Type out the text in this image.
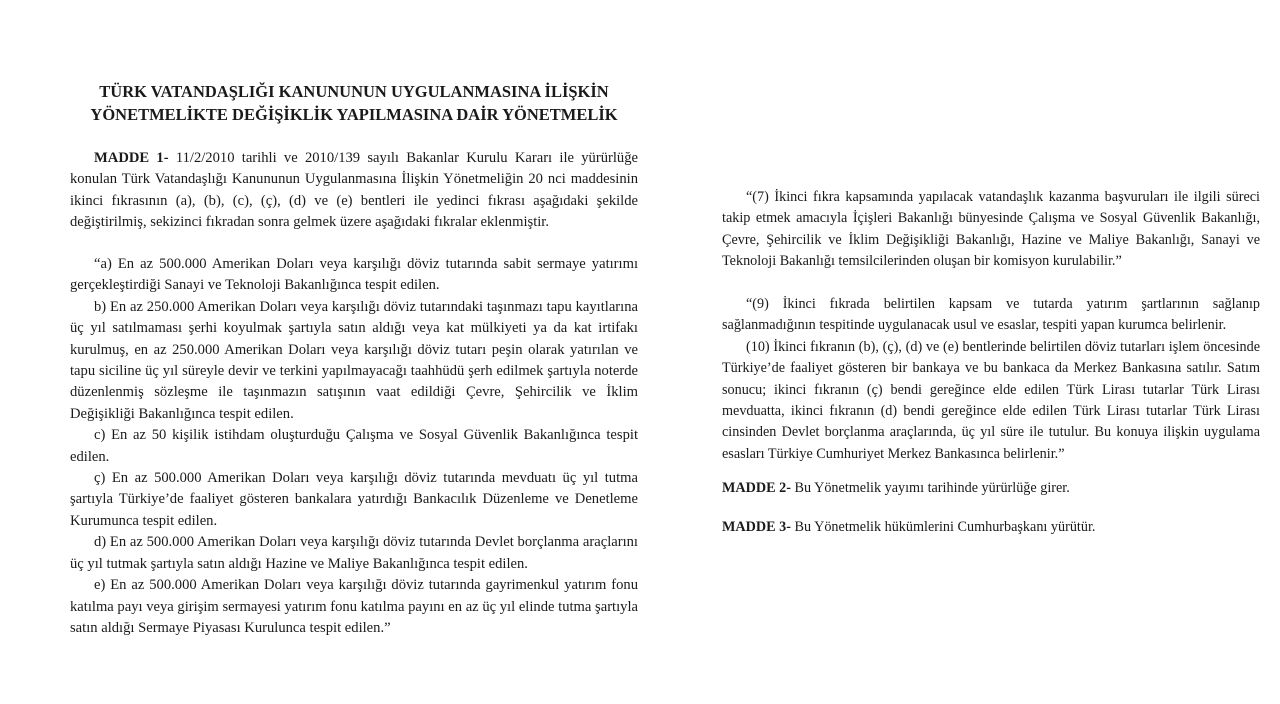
TÜRK VATANDAŞLIĞI KANUNUNUN UYGULANMASINA İLİŞKİN
YÖNETMELİKTE DEĞİŞİKLİK YAPILMASINA DAİR YÖNETMELİK

MADDE 1- 11/2/2010 tarihli ve 2010/139 sayılı Bakanlar Kurulu Kararı ile yürürlüğe konulan Türk Vatandaşlığı Kanununun Uygulanmasına İlişkin Yönetmeliğin 20 nci maddesinin ikinci fıkrasının (a), (b), (c), (ç), (d) ve (e) bentleri ile yedinci fıkrası aşağıdaki şekilde değiştirilmiş, sekizinci fıkradan sonra gelmek üzere aşağıdaki fıkralar eklenmiştir.

“a) En az 500.000 Amerikan Doları veya karşılığı döviz tutarında sabit sermaye yatırımı gerçekleştirdiği Sanayi ve Teknoloji Bakanlığınca tespit edilen.

b) En az 250.000 Amerikan Doları veya karşılığı döviz tutarındaki taşınmazı tapu kayıtlarına üç yıl satılmaması şerhi koyulmak şartıyla satın aldığı veya kat mülkiyeti ya da kat irtifakı kurulmuş, en az 250.000 Amerikan Doları veya karşılığı döviz tutarı peşin olarak yatırılan ve tapu siciline üç yıl süreyle devir ve terkini yapılmayacağı taahhüdü şerh edilmek şartıyla noterde düzenlenmiş sözleşme ile taşınmazın satışının vaat edildiği Çevre, Şehircilik ve İklim Değişikliği Bakanlığınca tespit edilen.

c) En az 50 kişilik istihdam oluşturduğu Çalışma ve Sosyal Güvenlik Bakanlığınca tespit edilen.

ç) En az 500.000 Amerikan Doları veya karşılığı döviz tutarında mevduatı üç yıl tutma şartıyla Türkiye’de faaliyet gösteren bankalara yatırdığı Bankacılık Düzenleme ve Denetleme Kurumunca tespit edilen.

d) En az 500.000 Amerikan Doları veya karşılığı döviz tutarında Devlet borçlanma araçlarını üç yıl tutmak şartıyla satın aldığı Hazine ve Maliye Bakanlığınca tespit edilen.

e) En az 500.000 Amerikan Doları veya karşılığı döviz tutarında gayrimenkul yatırım fonu katılma payı veya girişim sermayesi yatırım fonu katılma payını en az üç yıl elinde tutma şartıyla satın aldığı Sermaye Piyasası Kurulunca tespit edilen.”

“(7) İkinci fıkra kapsamında yapılacak vatandaşlık kazanma başvuruları ile ilgili süreci takip etmek amacıyla İçişleri Bakanlığı bünyesinde Çalışma ve Sosyal Güvenlik Bakanlığı, Çevre, Şehircilik ve İklim Değişikliği Bakanlığı, Hazine ve Maliye Bakanlığı, Sanayi ve Teknoloji Bakanlığı temsilcilerinden oluşan bir komisyon kurulabilir.”

“(9) İkinci fıkrada belirtilen kapsam ve tutarda yatırım şartlarının sağlanıp sağlanmadığının tespitinde uygulanacak usul ve esaslar, tespiti yapan kurumca belirlenir.

(10) İkinci fıkranın (b), (ç), (d) ve (e) bentlerinde belirtilen döviz tutarları işlem öncesinde Türkiye’de faaliyet gösteren bir bankaya ve bu bankaca da Merkez Bankasına satılır. Satım sonucu; ikinci fıkranın (ç) bendi gereğince elde edilen Türk Lirası tutarlar Türk Lirası mevduatta, ikinci fıkranın (d) bendi gereğince elde edilen Türk Lirası tutarlar Türk Lirası cinsinden Devlet borçlanma araçlarında, üç yıl süre ile tutulur. Bu konuya ilişkin uygulama esasları Türkiye Cumhuriyet Merkez Bankasınca belirlenir.”

MADDE 2- Bu Yönetmelik yayımı tarihinde yürürlüğe girer.

MADDE 3- Bu Yönetmelik hükümlerini Cumhurbaşkanı yürütür.
